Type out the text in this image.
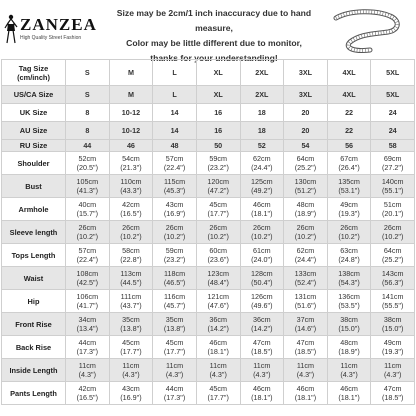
ZANZEA
High Quality Street Fashion
Size may be 2cm/1 inch inaccuracy due to hand measure,
Color may be little different due to monitor,
thanks for your understanding!
Tag Size
(cm/inch)	S	M	L	XL	2XL	3XL	4XL	5XL
US/CA Size	S	M	L	XL	2XL	3XL	4XL	5XL
UK Size	8	10-12	14	16	18	20	22	24
AU Size	8	10-12	14	16	18	20	22	24
RU Size	44	46	48	50	52	54	56	58
Shoulder	52cm
(20.5")	54cm
(21.3")	57cm
(22.4")	59cm
(23.2")	62cm
(24.4")	64cm
(25.2")	67cm
(26.4")	69cm
(27.2")

Bust	105cm
(41.3")	110cm
(43.3")	115cm
(45.3")	120cm
(47.2")	125cm
(49.2")	130cm
(51.2")	135cm
(53.1")	140cm
(55.1")

Armhole	40cm
(15.7")	42cm
(16.5")	43cm
(16.9")	45cm
(17.7")	46cm
(18.1")	48cm
(18.9")	49cm
(19.3")	51cm
(20.1")

Sleeve length	26cm
(10.2")	26cm
(10.2")	26cm
(10.2")	26cm
(10.2")	26cm
(10.2")	26cm
(10.2")	26cm
(10.2")	26cm
(10.2")

Tops Length	57cm
(22.4")	58cm
(22.8")	59cm
(23.2")	60cm
(23.6")	61cm
(24.0")	62cm
(24.4")	63cm
(24.8")	64cm
(25.2")

Waist	108cm
(42.5")	113cm
(44.5")	118cm
(46.5")	123cm
(48.4")	128cm
(50.4")	133cm
(52.4")	138cm
(54.3")	143cm
(56.3")

Hip	106cm
(41.7")	111cm
(43.7")	116cm
(45.7")	121cm
(47.6")	126cm
(49.6")	131cm
(51.6")	136cm
(53.5")	141cm
(55.5")

Front Rise	34cm
(13.4")	35cm
(13.8")	35cm
(13.8")	36cm
(14.2")	36cm
(14.2")	37cm
(14.6")	38cm
(15.0")	38cm
(15.0")

Back Rise	44cm
(17.3")	45cm
(17.7")	45cm
(17.7")	46cm
(18.1")	47cm
(18.5")	47cm
(18.5")	48cm
(18.9")	49cm
(19.3")

Inside Length	11cm
(4.3")	11cm
(4.3")	11cm
(4.3")	11cm
(4.3")	11cm
(4.3")	11cm
(4.3")	11cm
(4.3")	11cm
(4.3")

Pants Length	42cm
(16.5")	43cm
(16.9")	44cm
(17.3")	45cm
(17.7")	46cm
(18.1")	46cm
(18.1")	46cm
(18.1")	47cm
(18.5")
